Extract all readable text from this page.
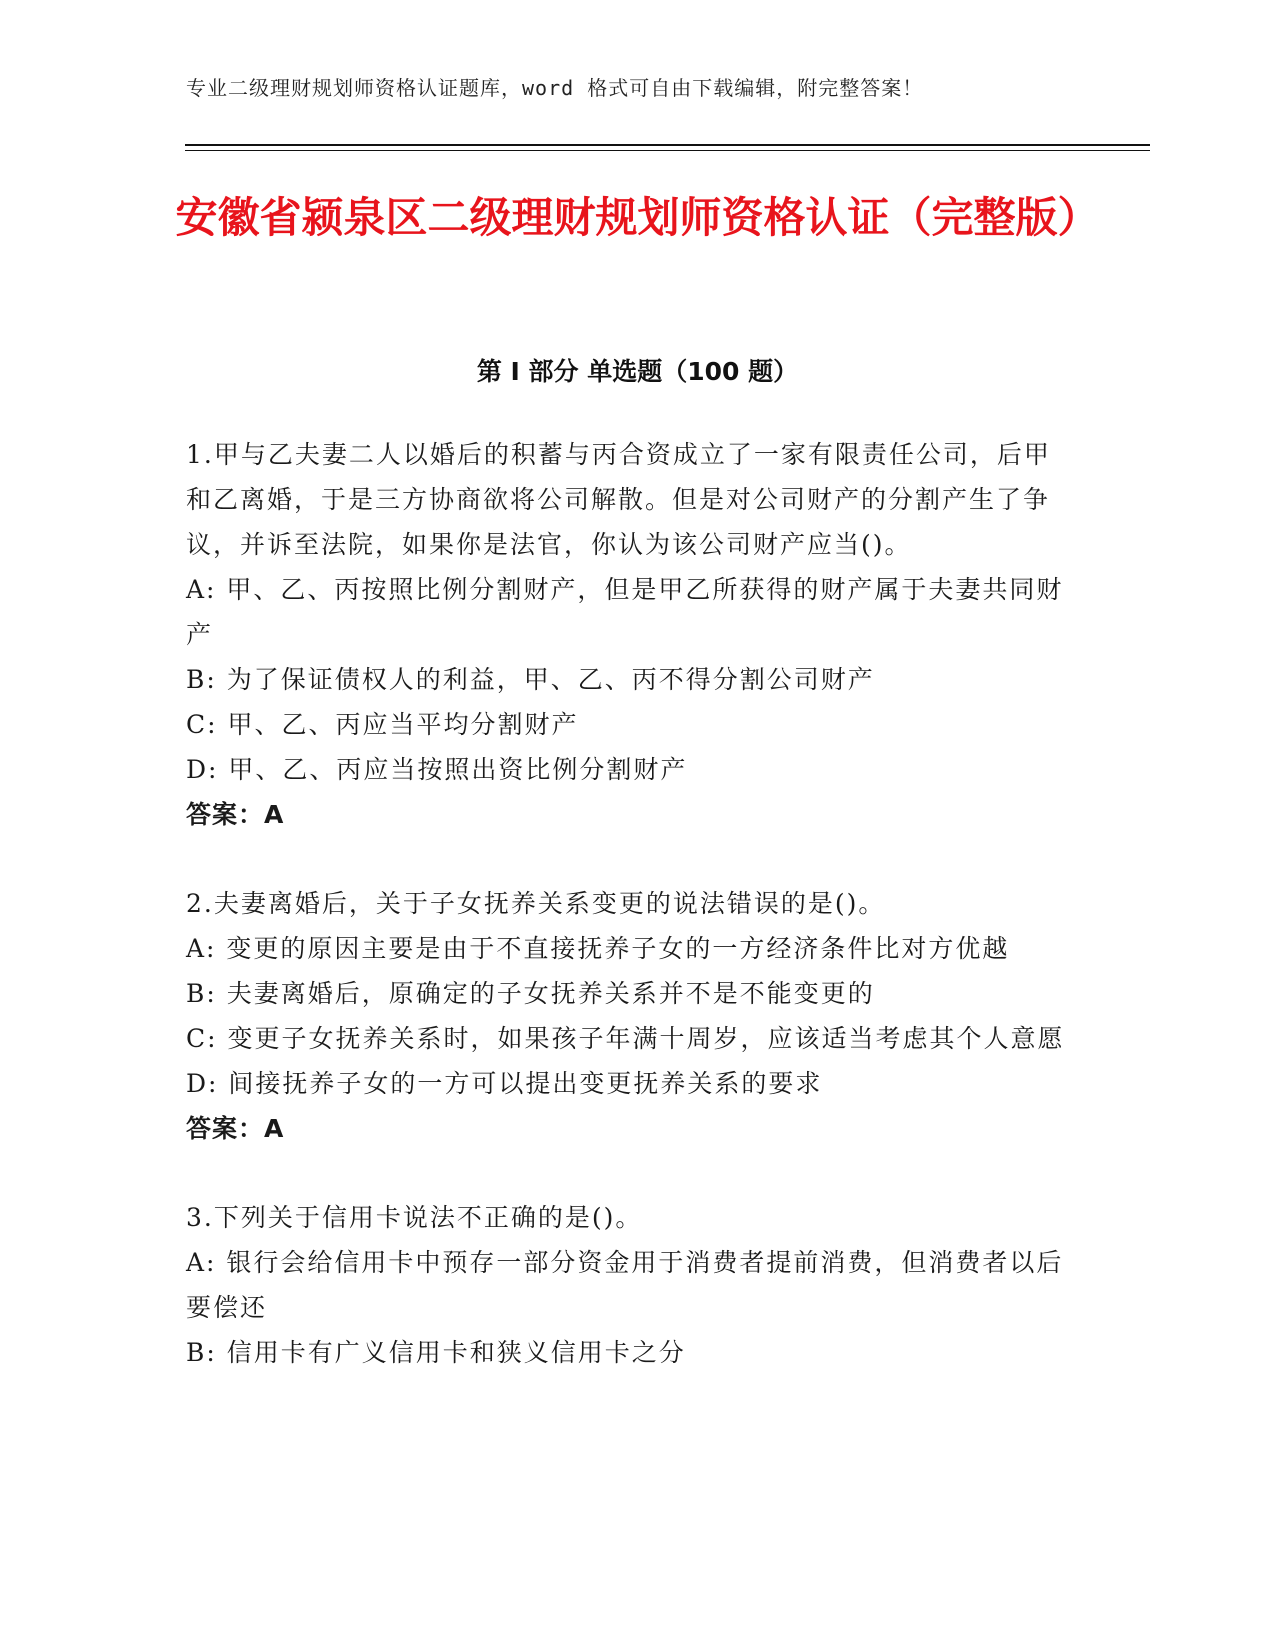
专业二级理财规划师资格认证题库，word 格式可自由下载编辑，附完整答案！
安徽省颍泉区二级理财规划师资格认证（完整版）
第 I 部分 单选题（100 题）

1.甲与乙夫妻二人以婚后的积蓄与丙合资成立了一家有限责任公司，后甲和乙离婚，于是三方协商欲将公司解散。但是对公司财产的分割产生了争议，并诉至法院，如果你是法官，你认为该公司财产应当()。

A: 甲、乙、丙按照比例分割财产，但是甲乙所获得的财产属于夫妻共同财产

B: 为了保证债权人的利益，甲、乙、丙不得分割公司财产

C: 甲、乙、丙应当平均分割财产

D: 甲、乙、丙应当按照出资比例分割财产

答案：A

2.夫妻离婚后，关于子女抚养关系变更的说法错误的是()。

A: 变更的原因主要是由于不直接抚养子女的一方经济条件比对方优越

B: 夫妻离婚后，原确定的子女抚养关系并不是不能变更的

C: 变更子女抚养关系时，如果孩子年满十周岁，应该适当考虑其个人意愿

D: 间接抚养子女的一方可以提出变更抚养关系的要求

答案：A

3.下列关于信用卡说法不正确的是()。

A: 银行会给信用卡中预存一部分资金用于消费者提前消费，但消费者以后要偿还

B: 信用卡有广义信用卡和狭义信用卡之分
